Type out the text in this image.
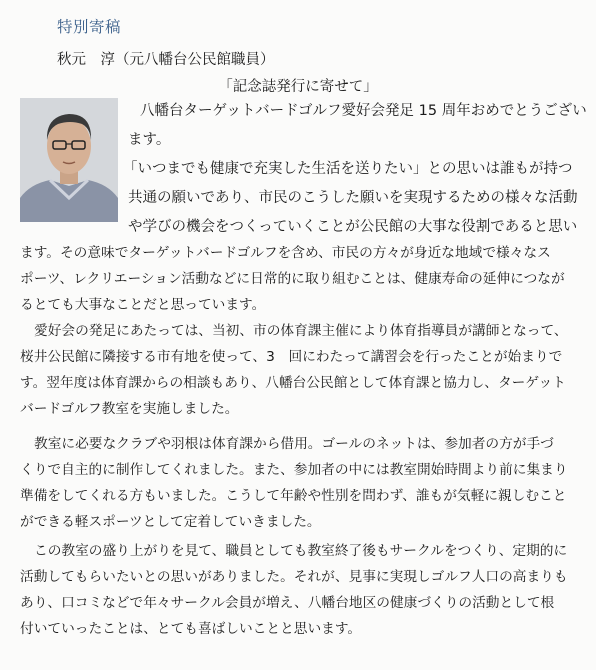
特別寄稿
秋元　淳（元八幡台公民館職員）
「記念誌発行に寄せて」
八幡台ターゲットバードゴルフ愛好会発足 15 周年おめでとうござい
ます。
「いつまでも健康で充実した生活を送りたい」との思いは誰もが持つ
共通の願いであり、市民のこうした願いを実現するための様々な活動
や学びの機会をつくっていくことが公民館の大事な役割であると思い
ます。その意味でターゲットバードゴルフを含め、市民の方々が身近な地域で様々なス
ポーツ、レクリエーション活動などに日常的に取り組むことは、健康寿命の延伸につなが
るとても大事なことだと思っています。
愛好会の発足にあたっては、当初、市の体育課主催により体育指導員が講師となって、
桜井公民館に隣接する市有地を使って、3　回にわたって講習会を行ったことが始まりで
す。翌年度は体育課からの相談もあり、八幡台公民館として体育課と協力し、ターゲット
バードゴルフ教室を実施しました。
教室に必要なクラブや羽根は体育課から借用。ゴールのネットは、参加者の方が手づ
くりで自主的に制作してくれました。また、参加者の中には教室開始時間より前に集まり
準備をしてくれる方もいました。こうして年齢や性別を問わず、誰もが気軽に親しむこと
ができる軽スポーツとして定着していきました。
この教室の盛り上がりを見て、職員としても教室終了後もサークルをつくり、定期的に
活動してもらいたいとの思いがありました。それが、見事に実現しゴルフ人口の高まりも
あり、口コミなどで年々サークル会員が増え、八幡台地区の健康づくりの活動として根
付いていったことは、とても喜ばしいことと思います。
